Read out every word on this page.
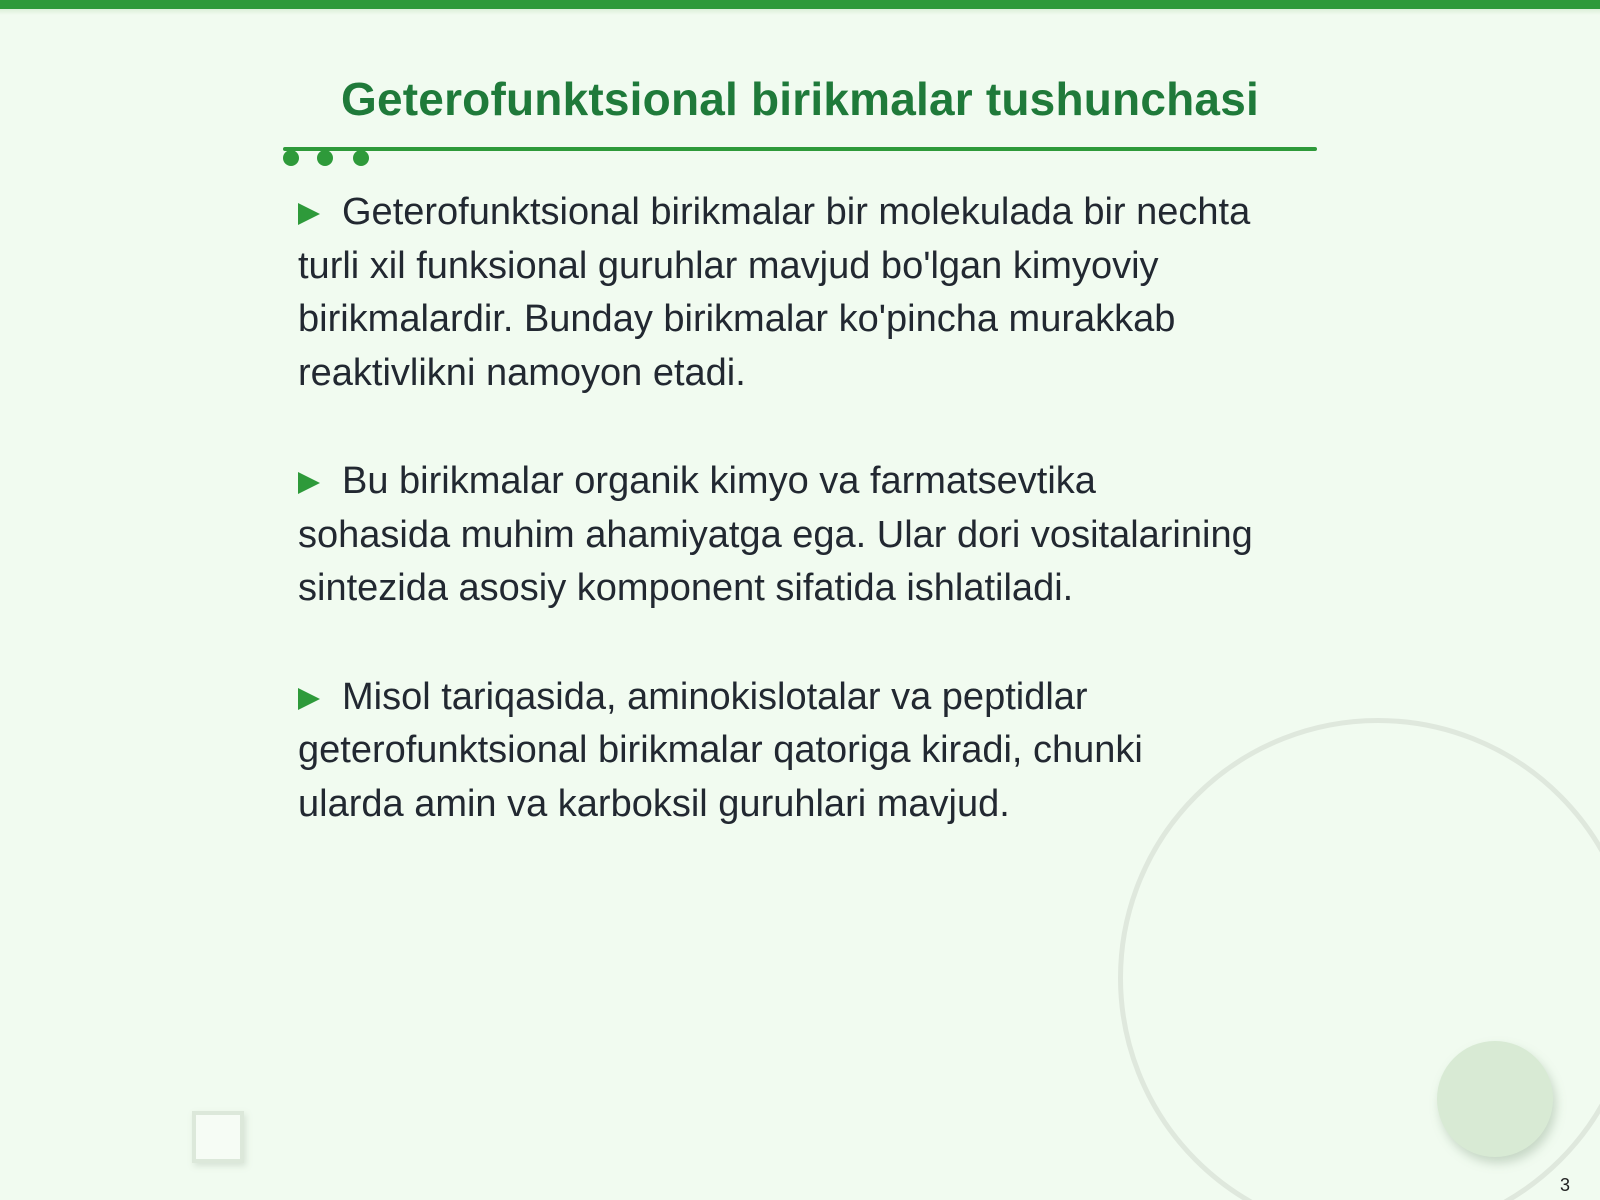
Geterofunktsional birikmalar tushunchasi

Geterofunktsional birikmalar bir molekulada bir nechta turli xil funksional guruhlar mavjud bo'lgan kimyoviy birikmalardir. Bunday birikmalar ko'pincha murakkab reaktivlikni namoyon etadi.

Bu birikmalar organik kimyo va farmatsevtika sohasida muhim ahamiyatga ega. Ular dori vositalarining sintezida asosiy komponent sifatida ishlatiladi.

Misol tariqasida, aminokislotalar va peptidlar geterofunktsional birikmalar qatoriga kiradi, chunki ularda amin va karboksil guruhlari mavjud.

3
